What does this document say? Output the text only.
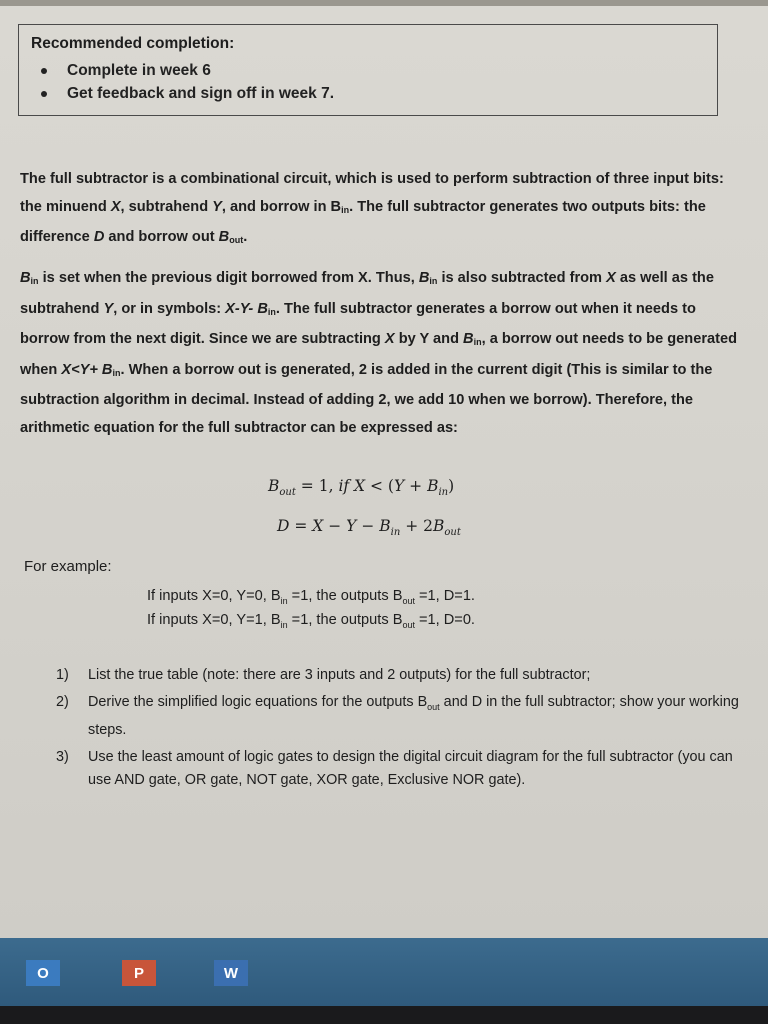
Recommended completion:
Complete in week 6
Get feedback and sign off in week 7.
The full subtractor is a combinational circuit, which is used to perform subtraction of three input bits: the minuend X, subtrahend Y, and borrow in $B_{in}$. The full subtractor generates two outputs bits: the difference D and borrow out $B_{out}$.
$B_{in}$ is set when the previous digit borrowed from X. Thus, $B_{in}$ is also subtracted from X as well as the subtrahend Y, or in symbols: X-Y- $B_{in}$. The full subtractor generates a borrow out when it needs to borrow from the next digit. Since we are subtracting X by Y and $B_{in}$, a borrow out needs to be generated when $X<Y+ B_{in}$. When a borrow out is generated, 2 is added in the current digit (This is similar to the subtraction algorithm in decimal. Instead of adding 2, we add 10 when we borrow). Therefore, the arithmetic equation for the full subtractor can be expressed as:
$B_{out} = 1$, if $X < (Y + B_{in})$
$D = X - Y - B_{in} + 2B_{out}$
For example:
If inputs X=0, Y=0, $B_{in} =1$, the outputs $B_{out} =1$, D=1.
If inputs X=0, Y=1, $B_{in} =1$, the outputs $B_{out} =1$, D=0.
1) List the true table (note: there are 3 inputs and 2 outputs) for the full subtractor;
2) Derive the simplified logic equations for the outputs $B_{out}$ and D in the full subtractor; show your working steps.
3) Use the least amount of logic gates to design the digital circuit diagram for the full subtractor (you can use AND gate, OR gate, NOT gate, XOR gate, Exclusive NOR gate).
O	P	W
